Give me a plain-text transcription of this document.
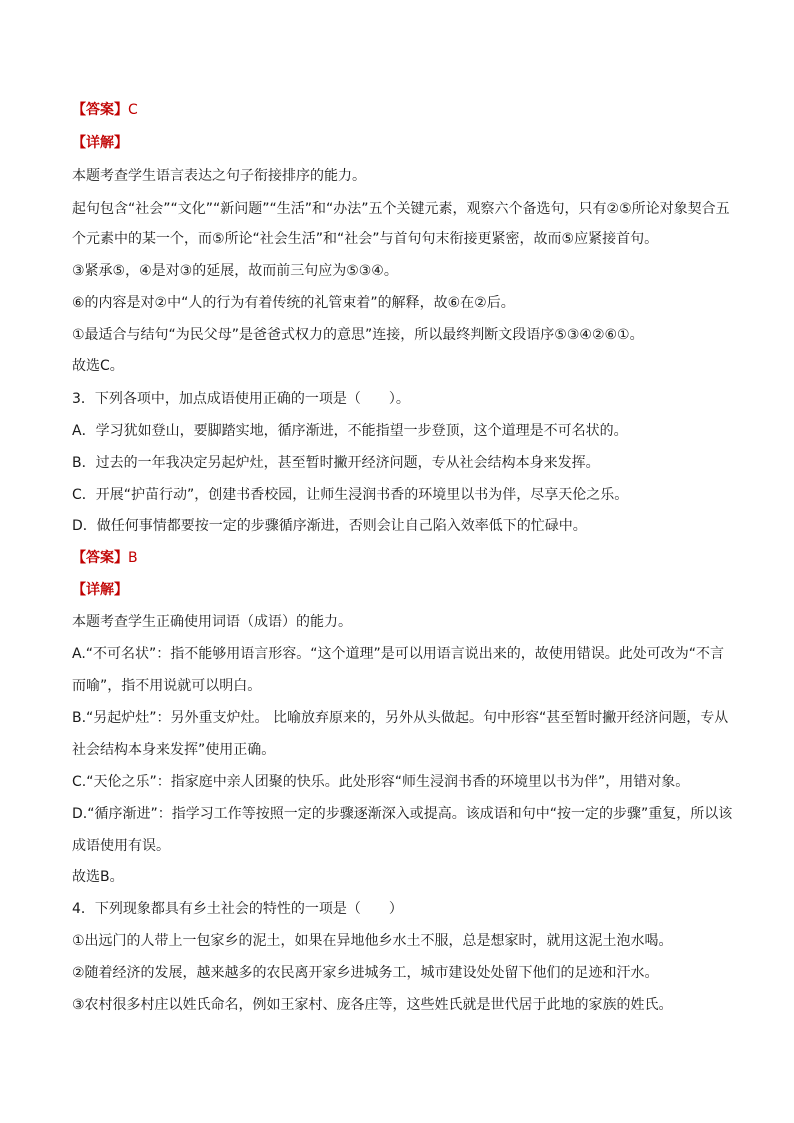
【答案】C
【详解】
本题考查学生语言表达之句子衔接排序的能力。
起句包含“社会”“文化”“新问题”“生活”和“办法”五个关键元素，观察六个备选句，只有②⑤所论对象契合五
个元素中的某一个，而⑤所论“社会生活”和“社会”与首句句末衔接更紧密，故而⑤应紧接首句。
③紧承⑤，④是对③的延展，故而前三句应为⑤③④。
⑥的内容是对②中“人的行为有着传统的礼管束着”的解释，故⑥在②后。
①最适合与结句“为民父母”是爸爸式权力的意思”连接，所以最终判断文段语序⑤③④②⑥①。
故选C。
3．下列各项中，加点成语使用正确的一项是（　　）。
A．学习犹如登山，要脚踏实地，循序渐进，不能指望一步登顶，这个道理是不可名状的。
B．过去的一年我决定另起炉灶，甚至暂时撇开经济问题，专从社会结构本身来发挥。
C．开展“护苗行动”，创建书香校园，让师生浸润书香的环境里以书为伴，尽享天伦之乐。
D．做任何事情都要按一定的步骤循序渐进，否则会让自己陷入效率低下的忙碌中。
【答案】B
【详解】
本题考查学生正确使用词语（成语）的能力。
A.“不可名状”：指不能够用语言形容。“这个道理”是可以用语言说出来的，故使用错误。此处可改为“不言
而喻”，指不用说就可以明白。
B.“另起炉灶”：另外重支炉灶。 比喻放弃原来的，另外从头做起。句中形容“甚至暂时撇开经济问题，专从
社会结构本身来发挥”使用正确。
C.“天伦之乐”：指家庭中亲人团聚的快乐。此处形容“师生浸润书香的环境里以书为伴”，用错对象。
D.“循序渐进”：指学习工作等按照一定的步骤逐渐深入或提高。该成语和句中“按一定的步骤”重复，所以该
成语使用有误。
故选B。
4．下列现象都具有乡土社会的特性的一项是（　　）
①出远门的人带上一包家乡的泥土，如果在异地他乡水土不服，总是想家时，就用这泥土泡水喝。
②随着经济的发展，越来越多的农民离开家乡进城务工，城市建设处处留下他们的足迹和汗水。
③农村很多村庄以姓氏命名，例如王家村、庞各庄等，这些姓氏就是世代居于此地的家族的姓氏。
